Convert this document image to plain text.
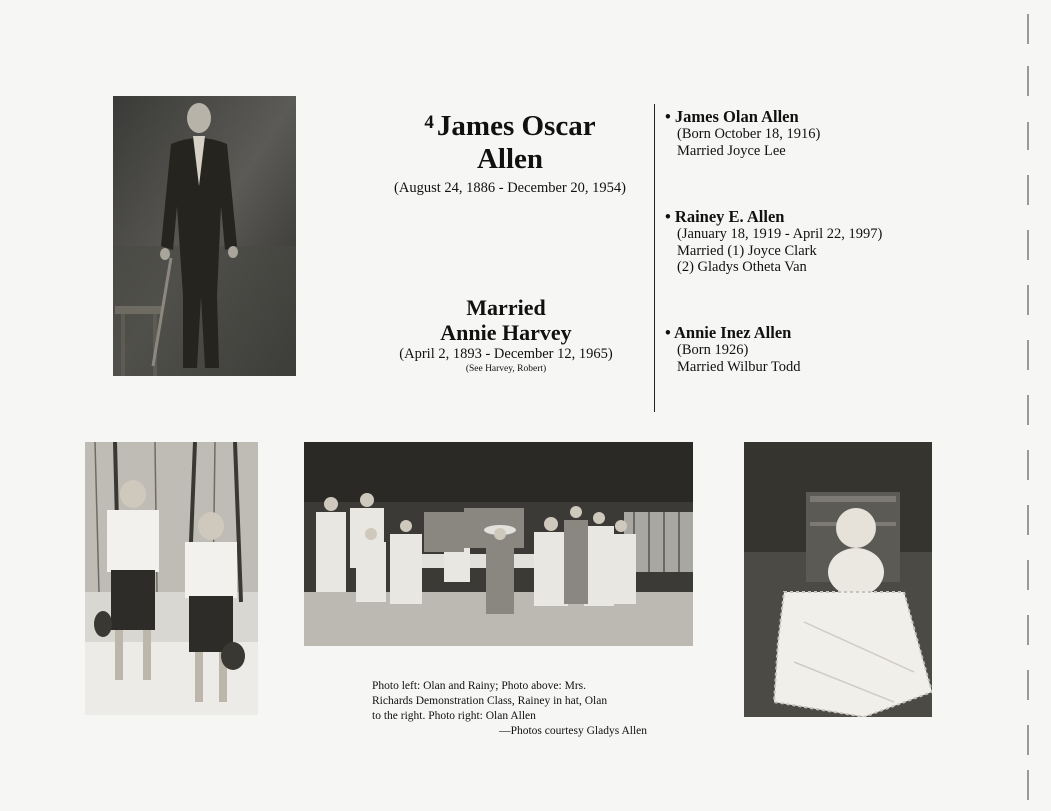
$^4$ James Oscar
Allen
(August 24, 1886 - December 20, 1954)
Married
Annie Harvey
(April 2, 1893 - December 12, 1965)
(See Harvey, Robert)
• James Olan Allen
(Born October 18, 1916)
Married Joyce Lee
• Rainey E. Allen
(January 18, 1919 - April 22, 1997)
Married (1) Joyce Clark
(2) Gladys Otheta Van
• Annie Inez Allen
(Born 1926)
Married Wilbur Todd
Photo left: Olan and Rainy; Photo above: Mrs.
Richards Demonstration Class, Rainey in hat, Olan
to the right. Photo right: Olan Allen
—Photos courtesy Gladys Allen
